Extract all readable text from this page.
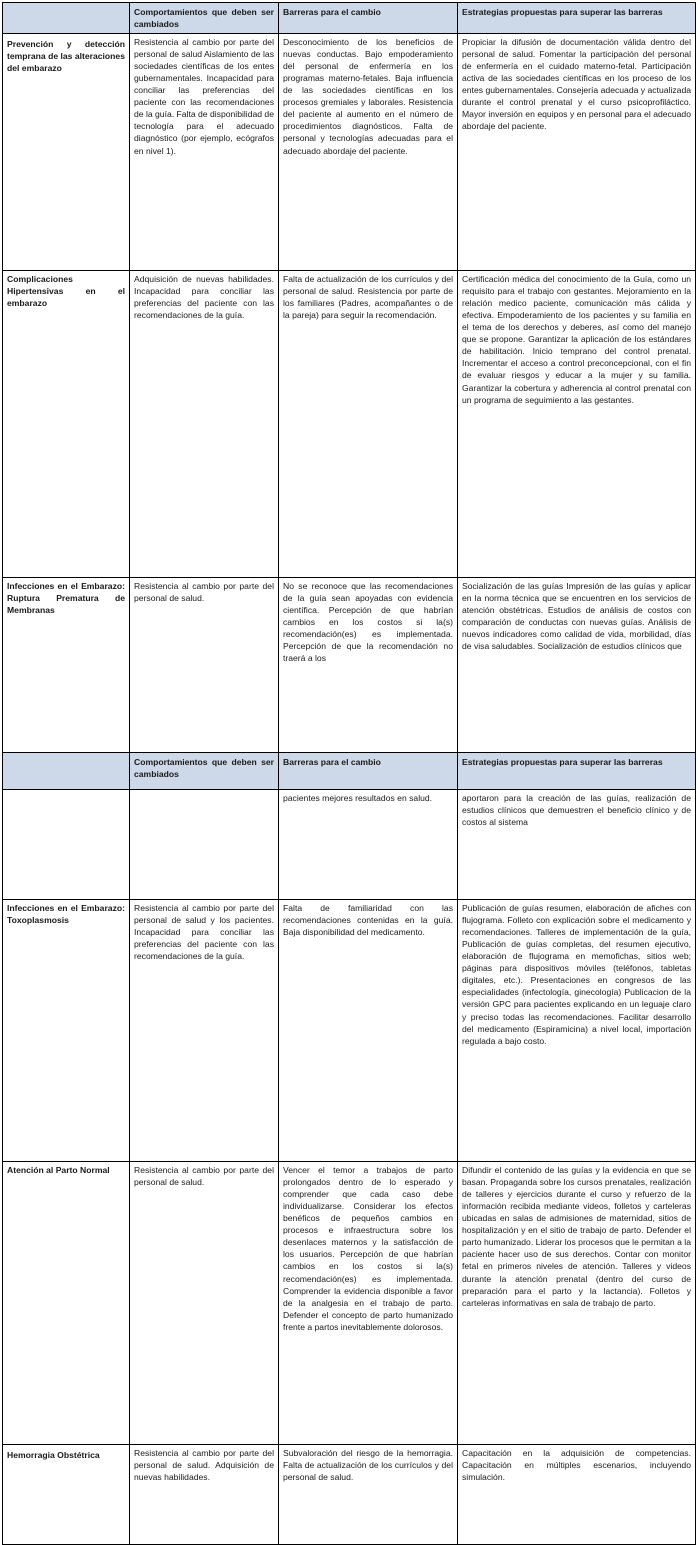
	Comportamientos que deben ser cambiados	Barreras para el cambio	Estrategias propuestas para superar las barreras
Prevención y detección temprana de las alteraciones del embarazo	Resistencia al cambio por parte del personal de salud Aislamiento de las sociedades científicas de los entes gubernamentales. Incapacidad para conciliar las preferencias del paciente con las recomendaciones de la guía. Falta de disponibilidad de tecnología para el adecuado diagnóstico (por ejemplo, ecógrafos en nivel 1).	Desconocimiento de los beneficios de nuevas conductas. Bajo empoderamiento del personal de enfermería en los programas materno-fetales. Baja influencia de las sociedades científicas en los procesos gremiales y laborales. Resistencia del paciente al aumento en el número de procedimientos diagnósticos. Falta de personal y tecnologías adecuadas para el adecuado abordaje del paciente.	Propiciar la difusión de documentación válida dentro del personal de salud. Fomentar la participación del personal de enfermería en el cuidado materno-fetal. Participación activa de las sociedades científicas en los proceso de los entes gubernamentales. Consejería adecuada y actualizada durante el control prenatal y el curso psicoprofiláctico. Mayor inversión en equipos y en personal para el adecuado abordaje del paciente.
Complicaciones Hipertensivas en el embarazo	Adquisición de nuevas habilidades. Incapacidad para conciliar las preferencias del paciente con las recomendaciones de la guía.	Falta de actualización de los currículos y del personal de salud. Resistencia por parte de los familiares (Padres, acompañantes o de la pareja) para seguir la recomendación.	Certificación médica del conocimiento de la Guía, como un requisito para el trabajo con gestantes. Mejoramiento en la relación medico paciente, comunicación más cálida y efectiva. Empoderamiento de los pacientes y su familia en el tema de los derechos y deberes, así como del manejo que se propone. Garantizar la aplicación de los estándares de habilitación. Inicio temprano del control prenatal. Incrementar el acceso a control preconcepcional, con el fin de evaluar riesgos y educar a la mujer y su familia. Garantizar la cobertura y adherencia al control prenatal con un programa de seguimiento a las gestantes.
Infecciones en el Embarazo: Ruptura Prematura de Membranas	Resistencia al cambio por parte del personal de salud.	No se reconoce que las recomendaciones de la guía sean apoyadas con evidencia científica. Percepción de que habrían cambios en los costos si la(s) recomendación(es) es implementada. Percepción de que la recomendación no traerá a los	Socialización de las guías Impresión de las guías y aplicar en la norma técnica que se encuentren en los servicios de atención obstétricas. Estudios de análisis de costos con comparación de conductas con nuevas guías. Análisis de nuevos indicadores como calidad de vida, morbilidad, días de visa saludables. Socialización de estudios clínicos que
	Comportamientos que deben ser cambiados	Barreras para el cambio	Estrategias propuestas para superar las barreras
		pacientes mejores resultados en salud.	aportaron para la creación de las guías, realización de estudios clínicos que demuestren el beneficio clínico y de costos al sistema
Infecciones en el Embarazo: Toxoplasmosis	Resistencia al cambio por parte del personal de salud y los pacientes. Incapacidad para conciliar las preferencias del paciente con las recomendaciones de la guía.	Falta de familiaridad con las recomendaciones contenidas en la guía. Baja disponibilidad del medicamento.	Publicación de guías resumen, elaboración de afiches con flujograma. Folleto con explicación sobre el medicamento y recomendaciones. Talleres de implementación de la guía, Publicación de guías completas, del resumen ejecutivo, elaboración de flujograma en memofichas, sitios web; páginas para dispositivos móviles (teléfonos, tabletas digitales, etc.). Presentaciones en congresos de las especialidades (infectología, ginecología) Publicacion de la versión GPC para pacientes explicando en un leguaje claro y preciso todas las recomendaciones. Facilitar desarrollo del medicamento (Espiramicina) a nivel local, importación regulada a bajo costo.
Atención al Parto Normal	Resistencia al cambio por parte del personal de salud.	Vencer el temor a trabajos de parto prolongados dentro de lo esperado y comprender que cada caso debe individualizarse. Considerar los efectos benéficos de pequeños cambios en procesos e infraestructura sobre los desenlaces maternos y la satisfacción de los usuarios. Percepción de que habrían cambios en los costos si la(s) recomendación(es) es implementada. Comprender la evidencia disponible a favor de la analgesia en el trabajo de parto. Defender el concepto de parto humanizado frente a partos inevitablemente dolorosos.	Difundir el contenido de las guías y la evidencia en que se basan. Propaganda sobre los cursos prenatales, realización de talleres y ejercicios durante el curso y refuerzo de la información recibida mediante videos, folletos y carteleras ubicadas en salas de admisiones de maternidad, sitios de hospitalización y en el sitio de trabajo de parto. Defender el parto humanizado. Liderar los procesos que le permitan a la paciente hacer uso de sus derechos. Contar con monitor fetal en primeros niveles de atención. Talleres y videos durante la atención prenatal (dentro del curso de preparación para el parto y la lactancia). Folletos y carteleras informativas en sala de trabajo de parto.
Hemorragia Obstétrica	Resistencia al cambio por parte del personal de salud. Adquisición de nuevas habilidades.	Subvaloración del riesgo de la hemorragia. Falta de actualización de los currículos y del personal de salud.	Capacitación en la adquisición de competencias. Capacitación en múltiples escenarios, incluyendo simulación.
